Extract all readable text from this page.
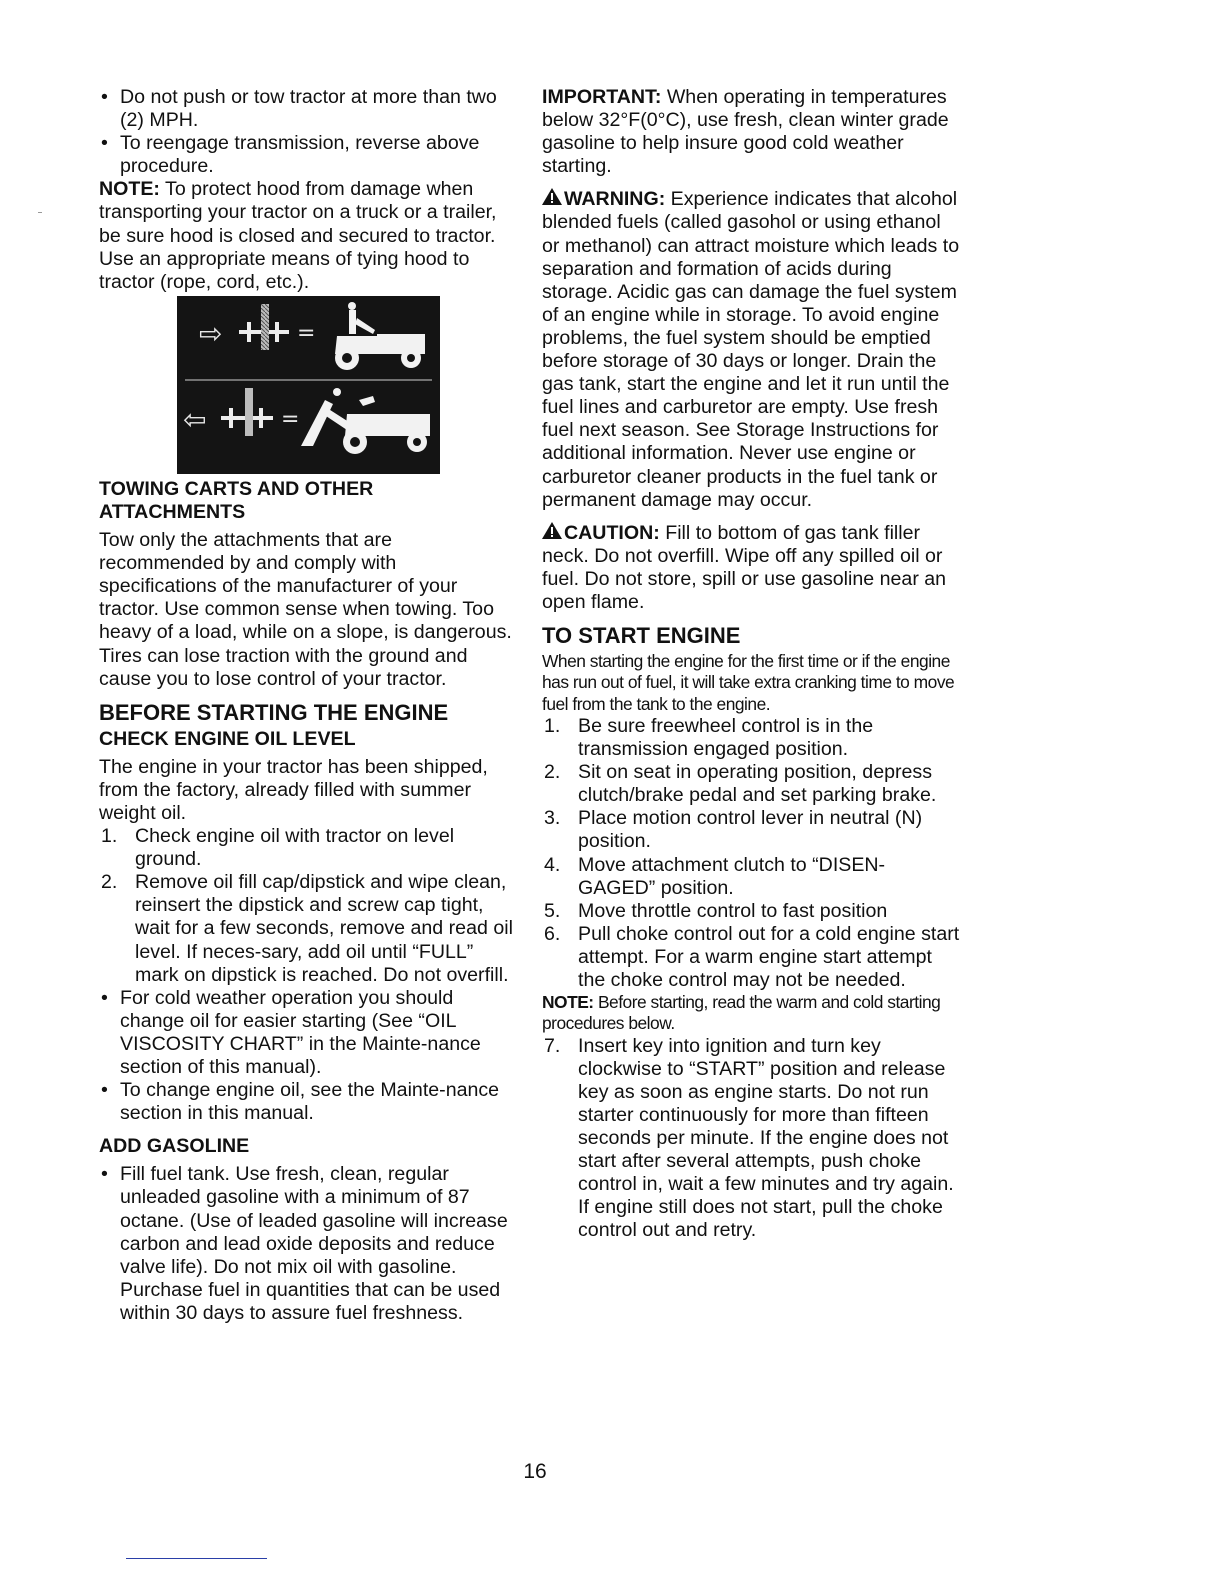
• Do not push or tow tractor at more than two (2) MPH.

• To reengage transmission, reverse above procedure.

NOTE: To protect hood from damage when transporting your tractor on a truck or a trailer, be sure hood is closed and secured to tractor. Use an appropriate means of tying hood to tractor (rope, cord, etc.).

⇨	=
⇦	=

TOWING CARTS AND OTHER ATTACHMENTS

Tow only the attachments that are recommended by and comply with specifications of the manufacturer of your tractor. Use common sense when towing. Too heavy of a load, while on a slope, is dangerous. Tires can lose traction with the ground and cause you to lose control of your tractor.

BEFORE STARTING THE ENGINE

CHECK ENGINE OIL LEVEL

The engine in your tractor has been shipped, from the factory, already filled with summer weight oil.

1. Check engine oil with tractor on level ground.

2. Remove oil fill cap/dipstick and wipe clean, reinsert the dipstick and screw cap tight, wait for a few seconds, remove and read oil level. If neces-sary, add oil until “FULL” mark on dipstick is reached. Do not overfill.

• For cold weather operation you should change oil for easier starting (See “OIL VISCOSITY CHART” in the Mainte-nance section of this manual).

• To change engine oil, see the Mainte-nance section in this manual.

ADD GASOLINE

• Fill fuel tank. Use fresh, clean, regular unleaded gasoline with a minimum of 87 octane. (Use of leaded gasoline will increase carbon and lead oxide deposits and reduce valve life). Do not mix oil with gasoline. Purchase fuel in quantities that can be used within 30 days to assure fuel freshness.

IMPORTANT: When operating in temperatures below 32°F(0°C), use fresh, clean winter grade gasoline to help insure good cold weather starting.

WARNING: Experience indicates that alcohol blended fuels (called gasohol or using ethanol or methanol) can attract moisture which leads to separation and formation of acids during storage. Acidic gas can damage the fuel system of an engine while in storage. To avoid engine problems, the fuel system should be emptied before storage of 30 days or longer. Drain the gas tank, start the engine and let it run until the fuel lines and carburetor are empty. Use fresh fuel next season. See Storage Instructions for additional information. Never use engine or carburetor cleaner products in the fuel tank or permanent damage may occur.

CAUTION: Fill to bottom of gas tank filler neck. Do not overfill. Wipe off any spilled oil or fuel. Do not store, spill or use gasoline near an open flame.

TO START ENGINE

When starting the engine for the first time or if the engine has run out of fuel, it will take extra cranking time to move fuel from the tank to the engine.

1. Be sure freewheel control is in the transmission engaged position.

2. Sit on seat in operating position, depress clutch/brake pedal and set parking brake.

3. Place motion control lever in neutral (N) position.

4. Move attachment clutch to “DISEN-GAGED” position.

5. Move throttle control to fast position

6. Pull choke control out for a cold engine start attempt. For a warm engine start attempt the choke control may not be needed.

NOTE: Before starting, read the warm and cold starting procedures below.

7. Insert key into ignition and turn key clockwise to “START” position and release key as soon as engine starts. Do not run starter continuously for more than fifteen seconds per minute. If the engine does not start after several attempts, push choke control in, wait a few minutes and try again. If engine still does not start, pull the choke control out and retry.

16
